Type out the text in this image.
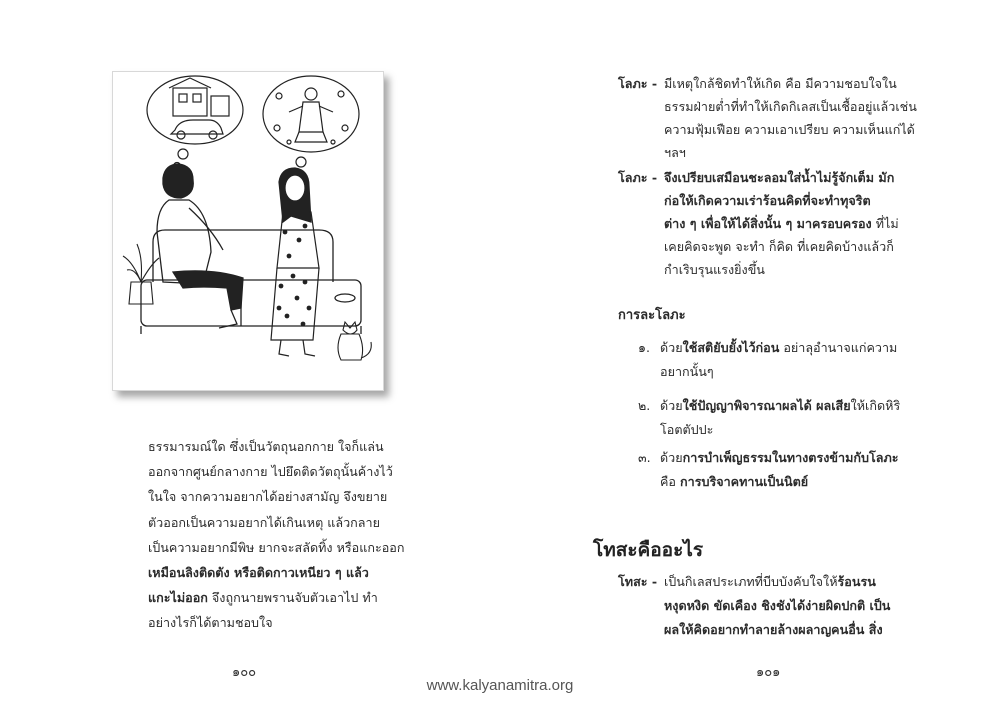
ธรรมารมณ์ใด ซึ่งเป็นวัตถุนอกกาย ใจก็แล่น
ออกจากศูนย์กลางกาย ไปยึดติดวัตถุนั้นค้างไว้
ในใจ จากความอยากได้อย่างสามัญ จึงขยาย
ตัวออกเป็นความอยากได้เกินเหตุ แล้วกลาย
เป็นความอยากมีพิษ ยากจะสลัดทิ้ง หรือแกะออก
เหมือนลิงติดตัง หรือติดกาวเหนียว ๆ แล้ว
แกะไม่ออก จึงถูกนายพรานจับตัวเอาไป ทำ
อย่างไรก็ได้ตามชอบใจ
๑๐๐
โลภะ - มีเหตุใกล้ชิดทำให้เกิด คือ มีความชอบใจใน
ธรรมฝ่ายต่ำที่ทำให้เกิดกิเลสเป็นเชื้ออยู่แล้วเช่น
ความฟุ้มเฟือย ความเอาเปรียบ ความเห็นแก่ได้
ฯลฯ
โลภะ - จึงเปรียบเสมือนชะลอมใส่น้ำไม่รู้จักเต็ม มัก
ก่อให้เกิดความเร่าร้อนคิดที่จะทำทุจริต
ต่าง ๆ เพื่อให้ได้สิ่งนั้น ๆ มาครอบครอง ที่ไม่
เคยคิดจะพูด จะทำ ก็คิด ที่เคยคิดบ้างแล้วก็
กำเริบรุนแรงยิ่งขึ้น
การละโลภะ
๑. ด้วยใช้สติยับยั้งไว้ก่อน อย่าลุอำนาจแก่ความ
อยากนั้นๆ
๒. ด้วยใช้ปัญญาพิจารณาผลได้ ผลเสียให้เกิดหิริ
โอตตัปปะ
๓. ด้วยการบำเพ็ญธรรมในทางตรงข้ามกับโลภะ
คือ การบริจาคทานเป็นนิตย์
โทสะคืออะไร
โทสะ - เป็นกิเลสประเภทที่บีบบังคับใจให้ร้อนรน
หงุดหงิด ขัดเคือง ชิงชังได้ง่ายผิดปกติ เป็น
ผลให้คิดอยากทำลายล้างผลาญคนอื่น สิ่ง
๑๐๑
www.kalyanamitra.org
